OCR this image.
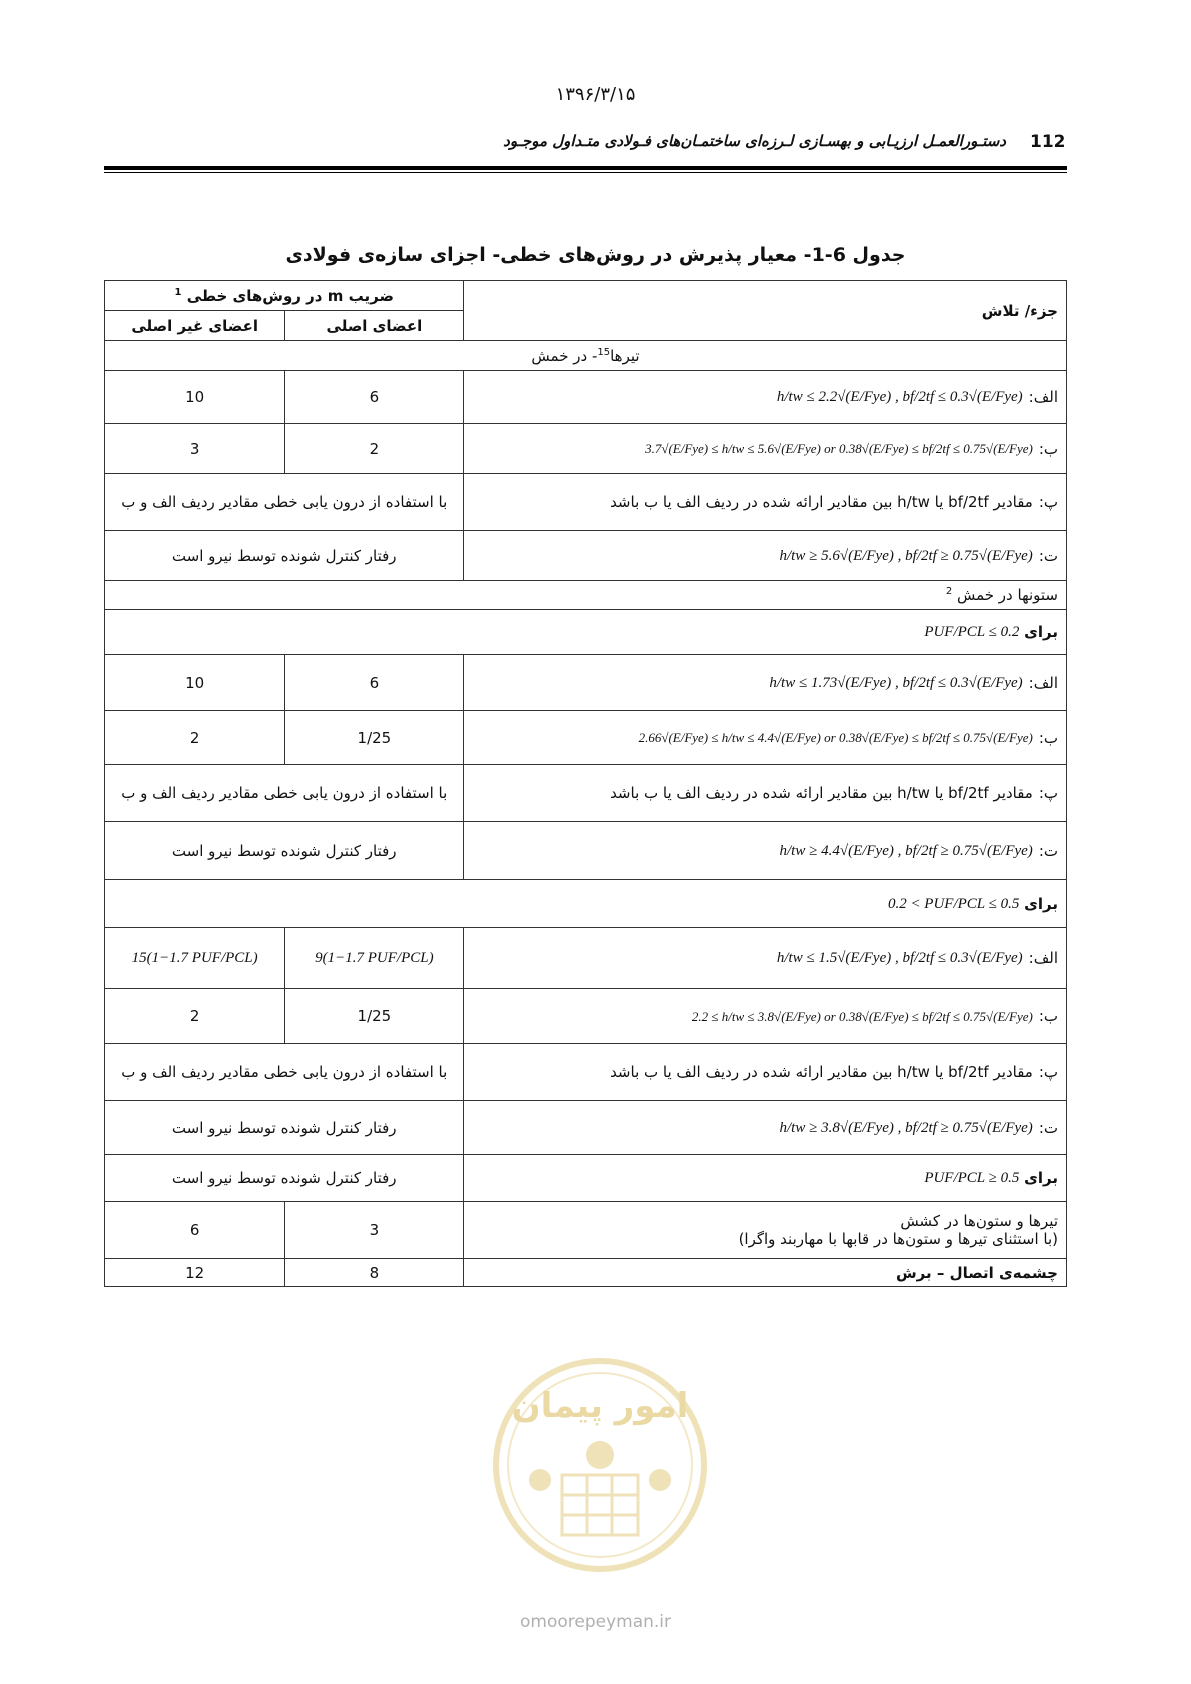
۱۳۹۶/۳/۱۵
دستـورالعمـل ارزیـابی و بهسـازی لـرزه‌ای ساختمـان‌های فـولادی متـداول موجـود 112
جدول 6-1- معیار پذیرش در روش‌های خطی- اجزای سازه‌ی فولادی
جزء/ تلاش	ضریب m در روش‌های خطی $^1$
	اعضای اصلی	اعضای غیر اصلی
تیرها$^{15}$- در خمش		
الف:h/tw ≤ 2.2√(E/Fye) , bf/2tf ≤ 0.3√(E/Fye)	6	10
ب:3.7√(E/Fye) ≤ h/tw ≤ 5.6√(E/Fye) or 0.38√(E/Fye) ≤ bf/2tf ≤ 0.75√(E/Fye)	2	3
پ:مقادیر bf/2tf یا h/tw بین مقادیر ارائه شده در ردیف الف یا ب باشد	با استفاده از درون یابی خطی مقادیر ردیف الف و ب	
ت:h/tw ≥ 5.6√(E/Fye) , bf/2tf ≥ 0.75√(E/Fye)	رفتار کنترل شونده توسط نیرو است	
ستونها در خمش $^2$
برای PUF/PCL ≤ 0.2		
الف:h/tw ≤ 1.73√(E/Fye) , bf/2tf ≤ 0.3√(E/Fye)	6	10
ب:2.66√(E/Fye) ≤ h/tw ≤ 4.4√(E/Fye) or 0.38√(E/Fye) ≤ bf/2tf ≤ 0.75√(E/Fye)	1/25	2
پ:مقادیر bf/2tf یا h/tw بین مقادیر ارائه شده در ردیف الف یا ب باشد	با استفاده از درون یابی خطی مقادیر ردیف الف و ب	
ت:h/tw ≥ 4.4√(E/Fye) , bf/2tf ≥ 0.75√(E/Fye)	رفتار کنترل شونده توسط نیرو است	
برای 0.2 < PUF/PCL ≤ 0.5		
الف:h/tw ≤ 1.5√(E/Fye) , bf/2tf ≤ 0.3√(E/Fye)	9(1−1.7 PUF/PCL)	15(1−1.7 PUF/PCL)
ب:2.2 ≤ h/tw ≤ 3.8√(E/Fye) or 0.38√(E/Fye) ≤ bf/2tf ≤ 0.75√(E/Fye)	1/25	2
پ:مقادیر bf/2tf یا h/tw بین مقادیر ارائه شده در ردیف الف یا ب باشد	با استفاده از درون یابی خطی مقادیر ردیف الف و ب	
ت:h/tw ≥ 3.8√(E/Fye) , bf/2tf ≥ 0.75√(E/Fye)	رفتار کنترل شونده توسط نیرو است	
برای PUF/PCL ≥ 0.5	رفتار کنترل شونده توسط نیرو است	

تیرها و ستون‌ها در کشش
(با استثنای تیرها و ستون‌ها در قابها با مهاربند واگرا)	3	6
چشمه‌ی اتصال – برش	8	12
امور پیمان
omoorepeyman.ir
